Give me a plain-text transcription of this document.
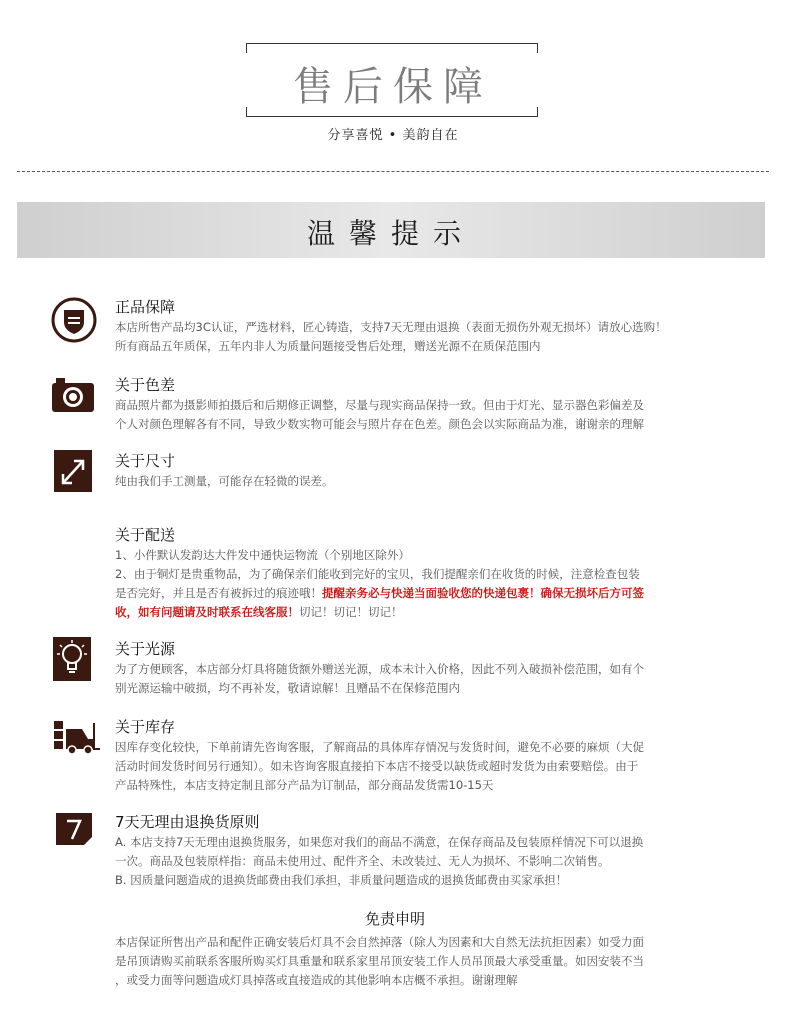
售后保障
分享喜悦 • 美韵自在
温馨提示
正品保障
本店所售产品均3C认证，严选材料，匠心铸造，支持7天无理由退换（表面无损伤外观无损坏）请放心选购！
所有商品五年质保，五年内非人为质量问题接受售后处理，赠送光源不在质保范围内
关于色差
商品照片都为摄影师拍摄后和后期修正调整，尽量与现实商品保持一致。但由于灯光、显示器色彩偏差及
个人对颜色理解各有不同，导致少数实物可能会与照片存在色差。颜色会以实际商品为准，谢谢亲的理解
关于尺寸
纯由我们手工测量，可能存在轻微的误差。
关于配送
1、小件默认发韵达大件发中通快运物流（个别地区除外）
2、由于铜灯是贵重物品，为了确保亲们能收到完好的宝贝，我们提醒亲们在收货的时候，注意检查包装
是否完好，并且是否有被拆过的痕迹哦！提醒亲务必与快递当面验收您的快递包裹！确保无损坏后方可签
收，如有问题请及时联系在线客服！切记！切记！切记！
关于光源
为了方便顾客，本店部分灯具将随货额外赠送光源，成本未计入价格，因此不列入破损补偿范围，如有个
别光源运输中破损，均不再补发，敬请谅解！且赠品不在保修范围内
关于库存
因库存变化较快，下单前请先咨询客服，了解商品的具体库存情况与发货时间，避免不必要的麻烦（大促
活动时间发货时间另行通知）。如未咨询客服直接拍下本店不接受以缺货或超时发货为由索要赔偿。由于
产品特殊性，本店支持定制且部分产品为订制品，部分商品发货需10-15天
7天无理由退换货原则
A. 本店支持7天无理由退换货服务，如果您对我们的商品不满意，在保存商品及包装原样情况下可以退换
一次。商品及包装原样指：商品未使用过、配件齐全、未改装过、无人为损坏、不影响二次销售。
B. 因质量问题造成的退换货邮费由我们承担，非质量问题造成的退换货邮费由买家承担！
免责申明
本店保证所售出产品和配件正确安装后灯具不会自然掉落（除人为因素和大自然无法抗拒因素）如受力面
是吊顶请购买前联系客服所购买灯具重量和联系家里吊顶安装工作人员吊顶最大承受重量。如因安装不当
，或受力面等问题造成灯具掉落或直接造成的其他影响本店概不承担。谢谢理解
